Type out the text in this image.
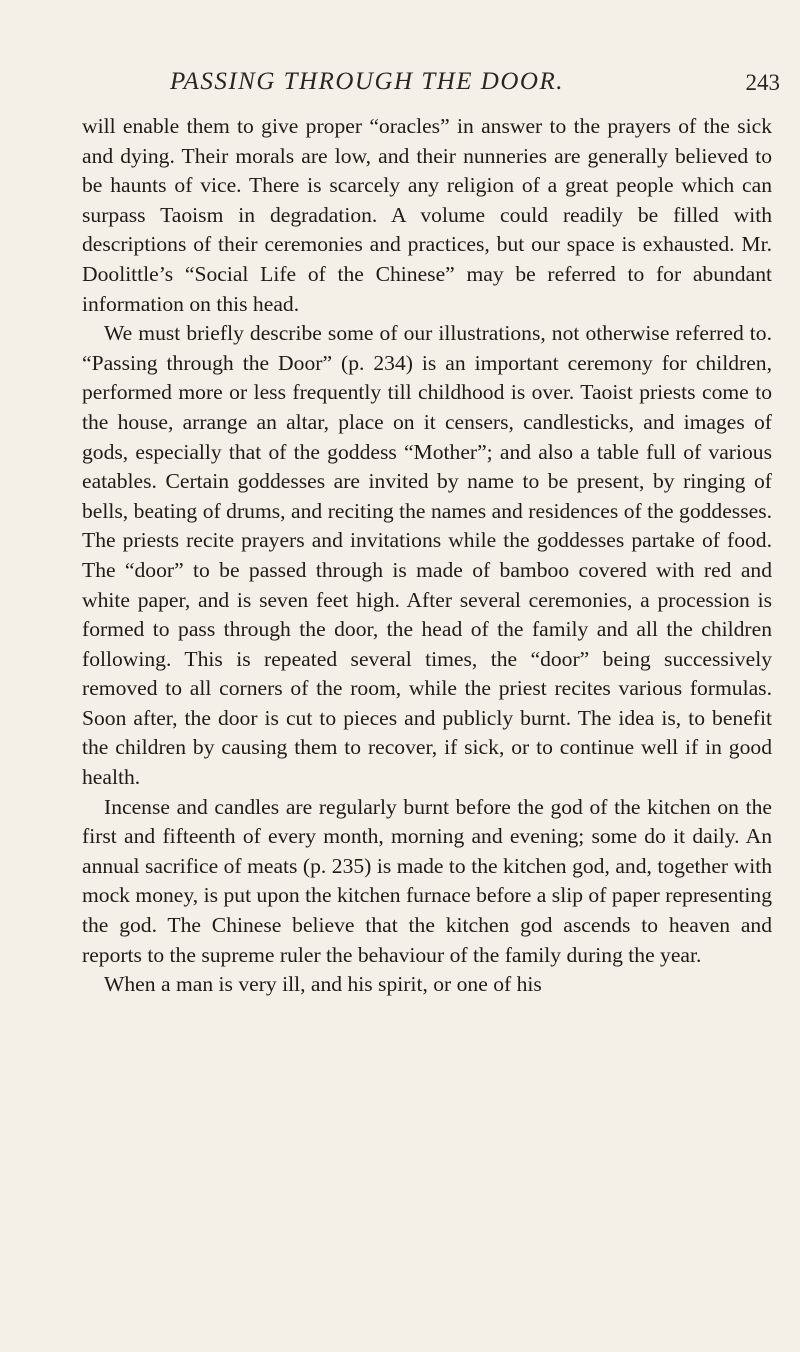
PASSING THROUGH THE DOOR.	243

will enable them to give proper “oracles” in answer to the prayers of the sick and dying. Their morals are low, and their nunneries are generally believed to be haunts of vice. There is scarcely any religion of a great people which can surpass Taoism in degradation. A volume could readily be filled with descriptions of their ceremonies and practices, but our space is exhausted. Mr. Doolittle’s “Social Life of the Chinese” may be referred to for abundant information on this head.

We must briefly describe some of our illustrations, not otherwise referred to. “Passing through the Door” (p. 234) is an important ceremony for children, performed more or less frequently till childhood is over. Taoist priests come to the house, arrange an altar, place on it censers, candlesticks, and images of gods, especially that of the goddess “Mother”; and also a table full of various eatables. Certain goddesses are invited by name to be present, by ringing of bells, beating of drums, and reciting the names and residences of the goddesses. The priests recite prayers and invitations while the goddesses partake of food. The “door” to be passed through is made of bamboo covered with red and white paper, and is seven feet high. After several ceremonies, a procession is formed to pass through the door, the head of the family and all the children following. This is repeated several times, the “door” being successively removed to all corners of the room, while the priest recites various formulas. Soon after, the door is cut to pieces and publicly burnt. The idea is, to benefit the children by causing them to recover, if sick, or to continue well if in good health.

Incense and candles are regularly burnt before the god of the kitchen on the first and fifteenth of every month, morning and evening; some do it daily. An annual sacrifice of meats (p. 235) is made to the kitchen god, and, together with mock money, is put upon the kitchen furnace before a slip of paper representing the god. The Chinese believe that the kitchen god ascends to heaven and reports to the supreme ruler the behaviour of the family during the year.

When a man is very ill, and his spirit, or one of his
